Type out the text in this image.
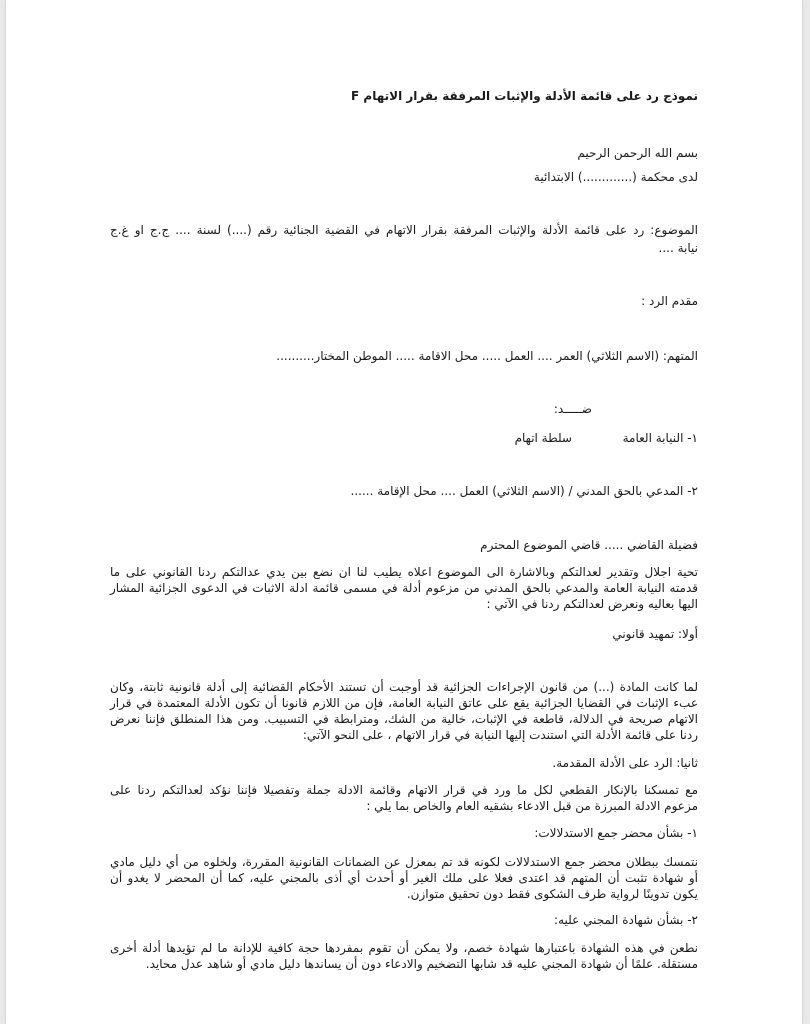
نموذج رد على قائمة الأدلة والإثبات المرفقة بقرار الاتهام F
بسم الله الرحمن الرحيم
لدى محكمة (.............) الابتدائية
الموضوع: رد على قائمة الأدلة والإثبات المرفقة بقرار الاتهام في القضية الجنائية رقم (....) لسنة .... ج.ج او غ.ج
نيابة ....
مقدم الرد :
المتهم: (الاسم الثلاثي) العمر .... العمل ..... محل الاقامة ..... الموطن المختار..........
ضـــــد:
١- النيابة العامة
سلطة اتهام
٢- المدعي بالحق المدني / (الاسم الثلاثي) العمل .... محل الإقامة ......
فضيلة القاضي ..... قاضي الموضوع المحترم
تحية اجلال وتقدير لعدالتكم وبالاشارة الى الموضوع اعلاه يطيب لنا ان نضع بين يدي عدالتكم ردنا القانوني على ما
قدمته النيابة العامة والمدعي بالحق المدني من مزعوم أدلة في مسمى قائمة ادلة الاثبات في الدعوى الجزائية المشار
اليها بعاليه ونعرض لعدالتكم ردنا في الآتي :
أولا: تمهيد قانوني
لما كانت المادة (...) من قانون الإجراءات الجزائية قد أوجبت أن تستند الأحكام القضائية إلى أدلة قانونية ثابتة، وكان
عبء الإثبات في القضايا الجزائية يقع على عاتق النيابة العامة، فإن من اللازم قانونا أن تكون الأدلة المعتمدة في قرار
الاتهام صريحة في الدلالة، قاطعة في الإثبات، خالية من الشك، ومترابطة في التسبيب. ومن هذا المنطلق فإننا نعرض
ردنا على قائمة الأدلة التي استندت إليها النيابة في قرار الاتهام ، على النحو الآتي:
ثانيا: الرد على الأدلة المقدمة.
مع تمسكنا بالإنكار القطعي لكل ما ورد في قرار الاتهام وقائمة الادلة جملة وتفصيلا فإننا نؤكد لعدالتكم ردنا على
مزعوم الادلة المبرزة من قبل الادعاء بشقيه العام والخاص بما يلي :
١- بشأن محضر جمع الاستدلالات:
نتمسك ببطلان محضر جمع الاستدلالات لكونه قد تم بمعزل عن الضمانات القانونية المقررة، ولخلوه من أي دليل مادي
أو شهادة تثبت أن المتهم قد اعتدى فعلا على ملك الغير أو أحدث أي أذى بالمجني عليه، كما أن المحضر لا يغدو أن
يكون تدوينًا لرواية طرف الشكوى فقط دون تحقيق متوازن.
٢- بشأن شهادة المجني عليه:
نطعن في هذه الشهادة باعتبارها شهادة خصم، ولا يمكن أن تقوم بمفردها حجة كافية للإدانة ما لم تؤيدها أدلة أخرى
مستقلة. علمًا أن شهادة المجني عليه قد شابها التضخيم والادعاء دون أن يساندها دليل مادي أو شاهد عدل محايد.
